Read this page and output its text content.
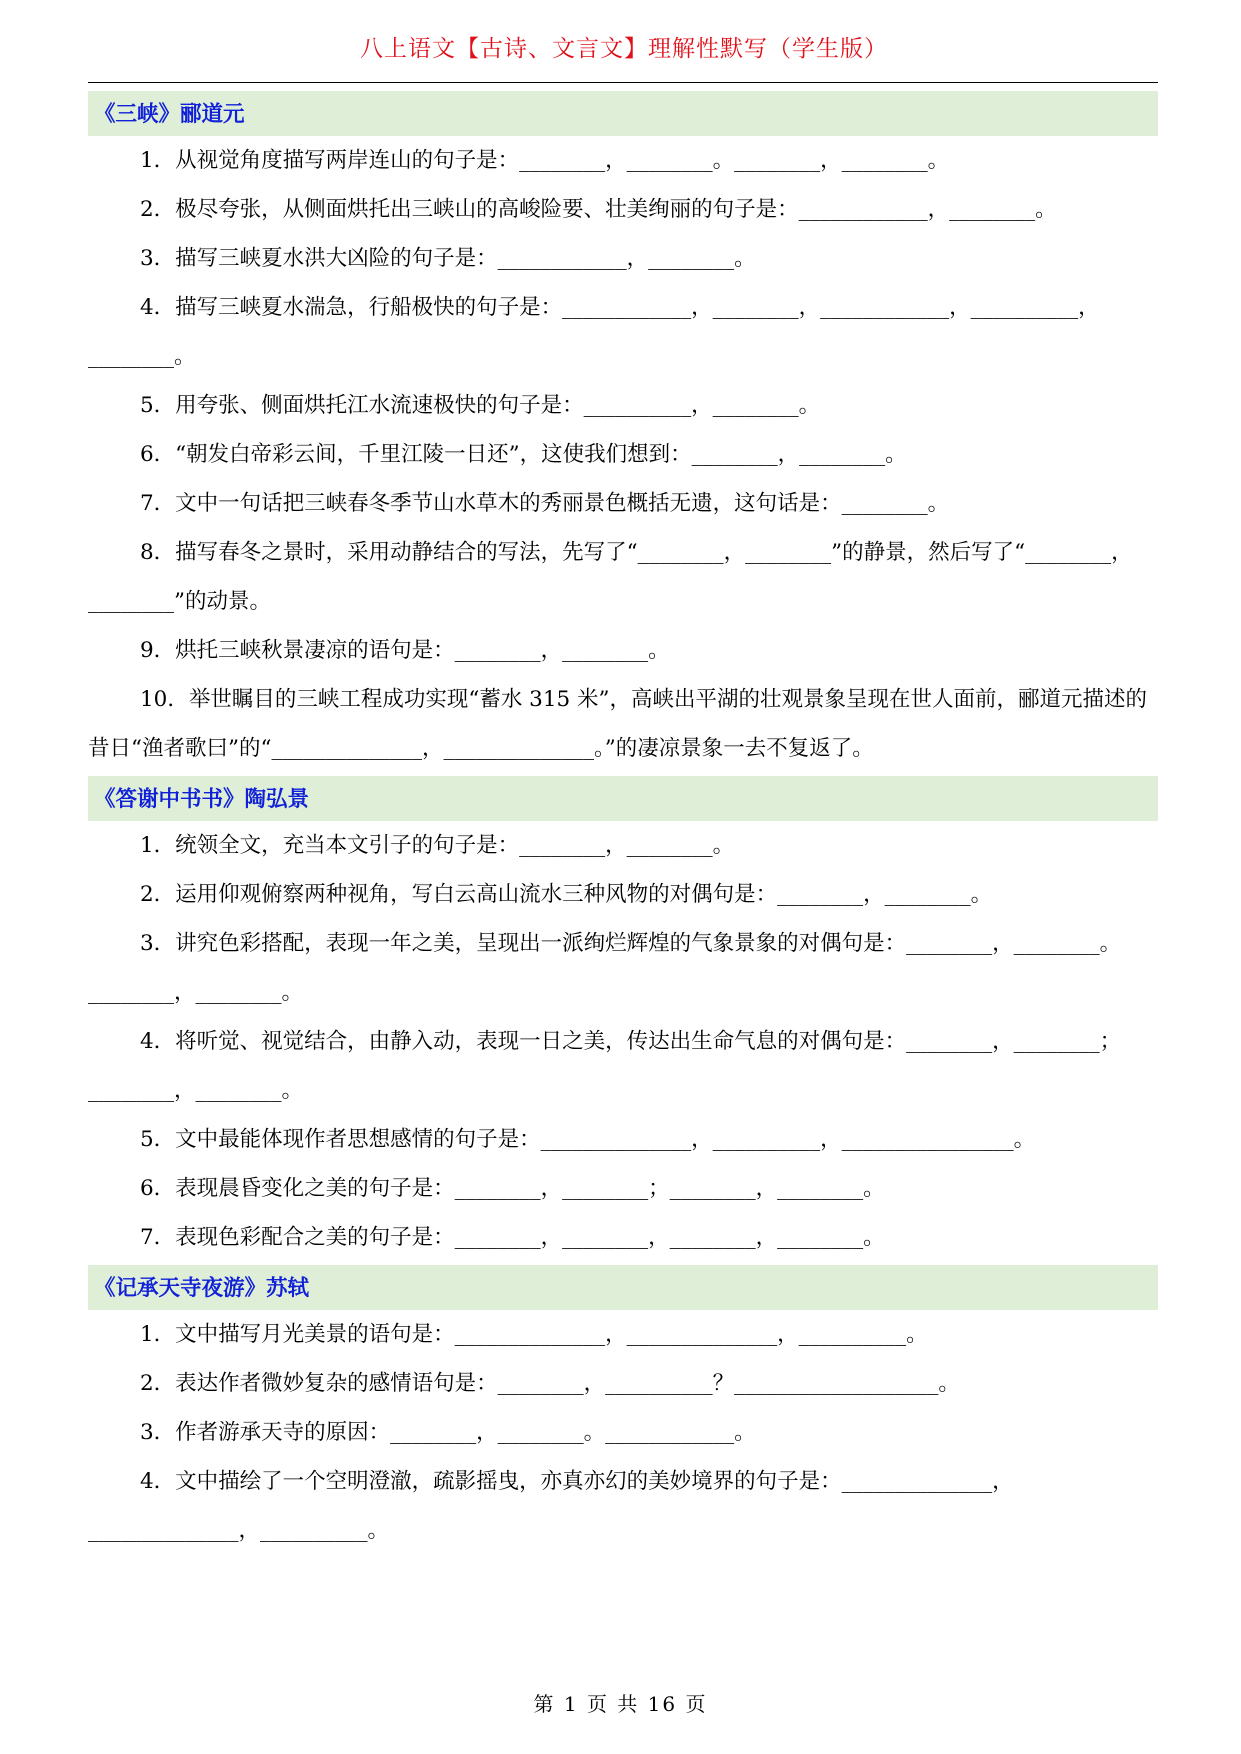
八上语文【古诗、文言文】理解性默写（学生版）
《三峡》郦道元

1．从视觉角度描写两岸连山的句子是：________，________。________，________。

2．极尽夸张，从侧面烘托出三峡山的高峻险要、壮美绚丽的句子是：____________，________。

3．描写三峡夏水洪大凶险的句子是：____________，________。

4．描写三峡夏水湍急，行船极快的句子是：____________，________，____________，__________，________。

5．用夸张、侧面烘托江水流速极快的句子是：__________，________。

6．“朝发白帝彩云间，千里江陵一日还”，这使我们想到：________，________。

7．文中一句话把三峡春冬季节山水草木的秀丽景色概括无遗，这句话是：________。

8．描写春冬之景时，采用动静结合的写法，先写了“________，________”的静景，然后写了“________，________”的动景。

9．烘托三峡秋景凄凉的语句是：________，________。

10．举世瞩目的三峡工程成功实现“蓄水 315 米”，高峡出平湖的壮观景象呈现在世人面前，郦道元描述的昔日“渔者歌曰”的“______________，______________。”的凄凉景象一去不复返了。

《答谢中书书》陶弘景

1．统领全文，充当本文引子的句子是：________，________。

2．运用仰观俯察两种视角，写白云高山流水三种风物的对偶句是：________，________。

3．讲究色彩搭配，表现一年之美，呈现出一派绚烂辉煌的气象景象的对偶句是：________，________。________，________。

4．将听觉、视觉结合，由静入动，表现一日之美，传达出生命气息的对偶句是：________，________；________，________。

5．文中最能体现作者思想感情的句子是：______________，__________，________________。

6．表现晨昏变化之美的句子是：________，________；________，________。

7．表现色彩配合之美的句子是：________，________，________，________。

《记承天寺夜游》苏轼

1．文中描写月光美景的语句是：______________，______________，__________。

2．表达作者微妙复杂的感情语句是：________，__________？___________________。

3．作者游承天寺的原因：________，________。____________。

4．文中描绘了一个空明澄澈，疏影摇曳，亦真亦幻的美妙境界的句子是：______________，______________，__________。

第 1 页 共 16 页
